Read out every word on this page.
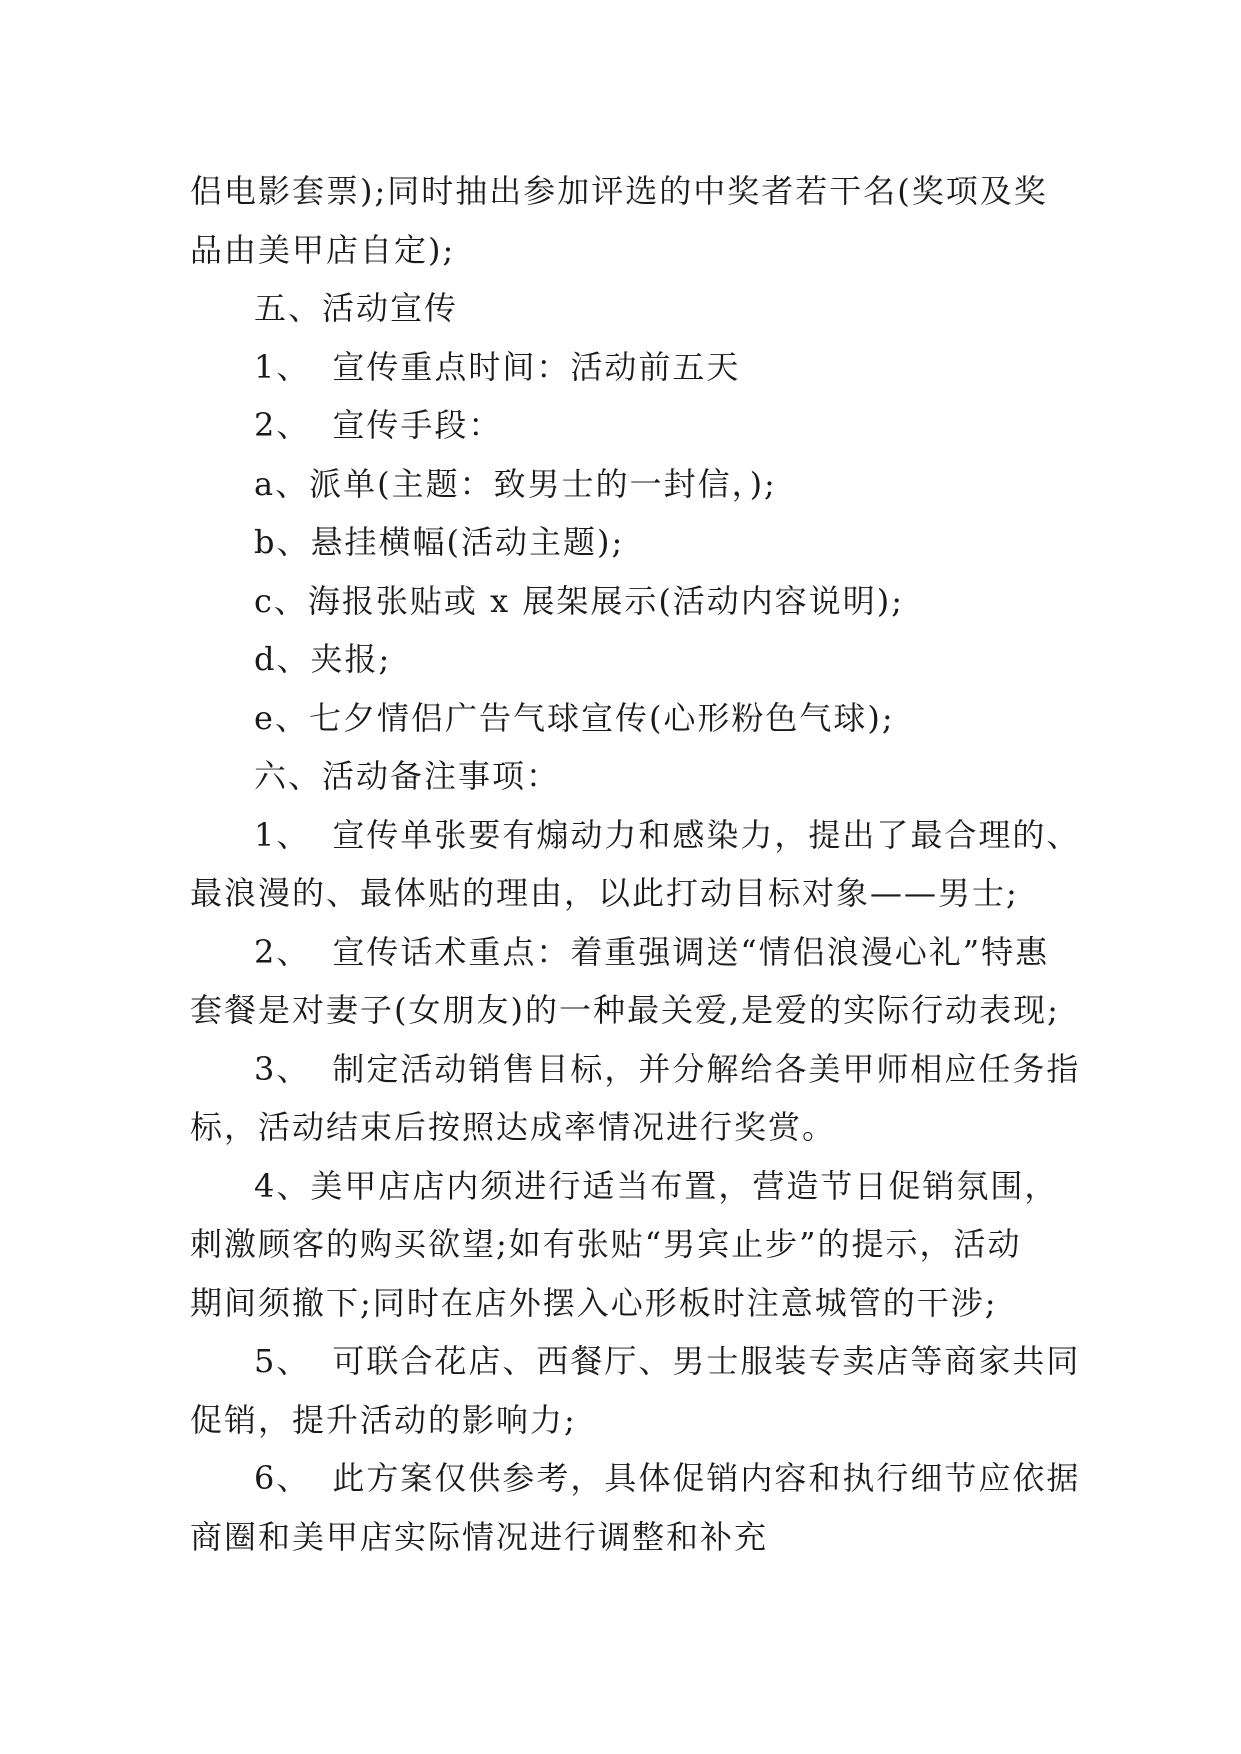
侣电影套票);同时抽出参加评选的中奖者若干名(奖项及奖
品由美甲店自定);
五、活动宣传
1、 宣传重点时间：活动前五天
2、 宣传手段：
a、派单(主题：致男士的一封信，);
b、悬挂横幅(活动主题);
c、海报张贴或 x 展架展示(活动内容说明);
d、夹报;
e、七夕情侣广告气球宣传(心形粉色气球);
六、活动备注事项：
1、 宣传单张要有煽动力和感染力，提出了最合理的、
最浪漫的、最体贴的理由，以此打动目标对象——男士;
2、 宣传话术重点：着重强调送“情侣浪漫心礼”特惠
套餐是对妻子(女朋友)的一种最关爱,是爱的实际行动表现;
3、 制定活动销售目标，并分解给各美甲师相应任务指
标，活动结束后按照达成率情况进行奖赏。
4、美甲店店内须进行适当布置，营造节日促销氛围，
刺激顾客的购买欲望;如有张贴“男宾止步”的提示，活动
期间须撤下;同时在店外摆入心形板时注意城管的干涉;
5、 可联合花店、西餐厅、男士服装专卖店等商家共同
促销，提升活动的影响力;
6、 此方案仅供参考，具体促销内容和执行细节应依据
商圈和美甲店实际情况进行调整和补充
